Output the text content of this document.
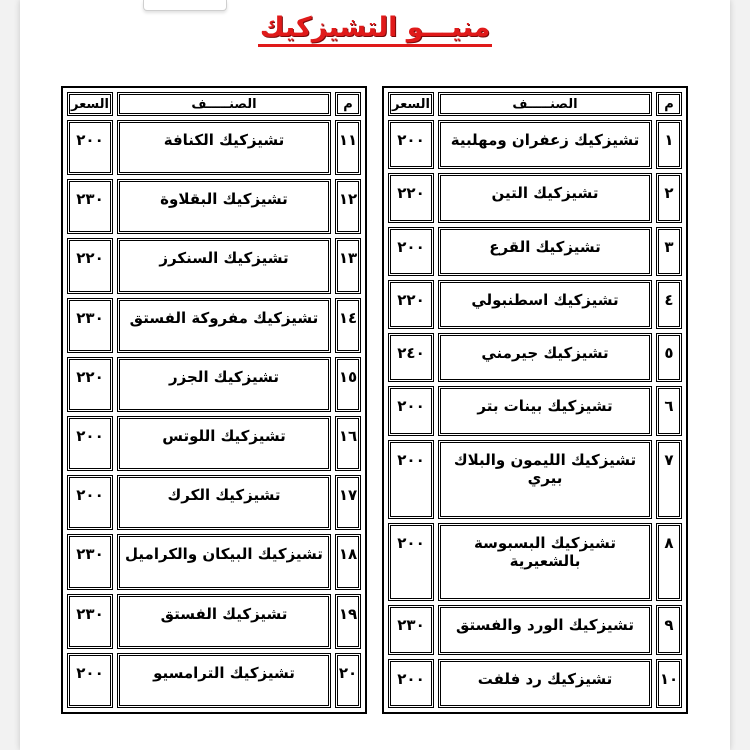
منيـــو التشيزكيك
م	الصنـــــف	السعر
١	تشيزكيك زعفران ومهلبية	٢٠٠
٢	تشيزكيك التين	٢٢٠
٣	تشيزكيك القرع	٢٠٠
٤	تشيزكيك اسطنبولي	٢٢٠
٥	تشيزكيك جيرمني	٢٤٠
٦	تشيزكيك بينات بتر	٢٠٠
٧	تشيزكيك الليمون والبلاك بيري	٢٠٠
٨	تشيزكيك البسبوسة بالشعيرية	٢٠٠
٩	تشيزكيك الورد والفستق	٢٣٠
١٠	تشيزكيك رد فلفت	٢٠٠
م	الصنـــــف	السعر
١١	تشيزكيك الكنافة	٢٠٠
١٢	تشيزكيك البقلاوة	٢٣٠
١٣	تشيزكيك السنكرز	٢٢٠
١٤	تشيزكيك مفروكة الفستق	٢٣٠
١٥	تشيزكيك الجزر	٢٢٠
١٦	تشيزكيك اللوتس	٢٠٠
١٧	تشيزكيك الكرك	٢٠٠
١٨	تشيزكيك البيكان والكراميل	٢٣٠
١٩	تشيزكيك الفستق	٢٣٠
٢٠	تشيزكيك الترامسيو	٢٠٠
